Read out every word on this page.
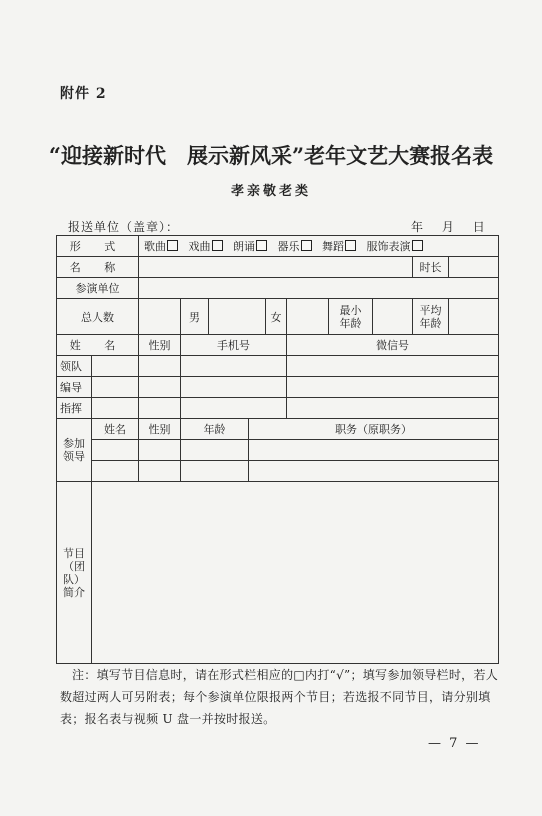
附件 2
“迎接新时代　展示新风采”老年文艺大赛报名表
孝亲敬老类
报送单位（盖章）：	年 月 日
形 式		歌曲 戏曲 朗诵 器乐 舞蹈 服饰表演									
名 称										时长	
参演单位											
总人数			男			女		最小年龄		平均年龄	
姓 名		性别	手机号				微信号				
领队											
编导											
指挥											
参加领导	姓名	性别	年龄		职务（原职务）						

节目（团队）简介											
注：填写节目信息时，请在形式栏相应的□内打“√”；填写参加领导栏时，若人数超过两人可另附表；每个参演单位限报两个节目；若选报不同节目，请分别填表；报名表与视频 U 盘一并按时报送。
— 7 —
